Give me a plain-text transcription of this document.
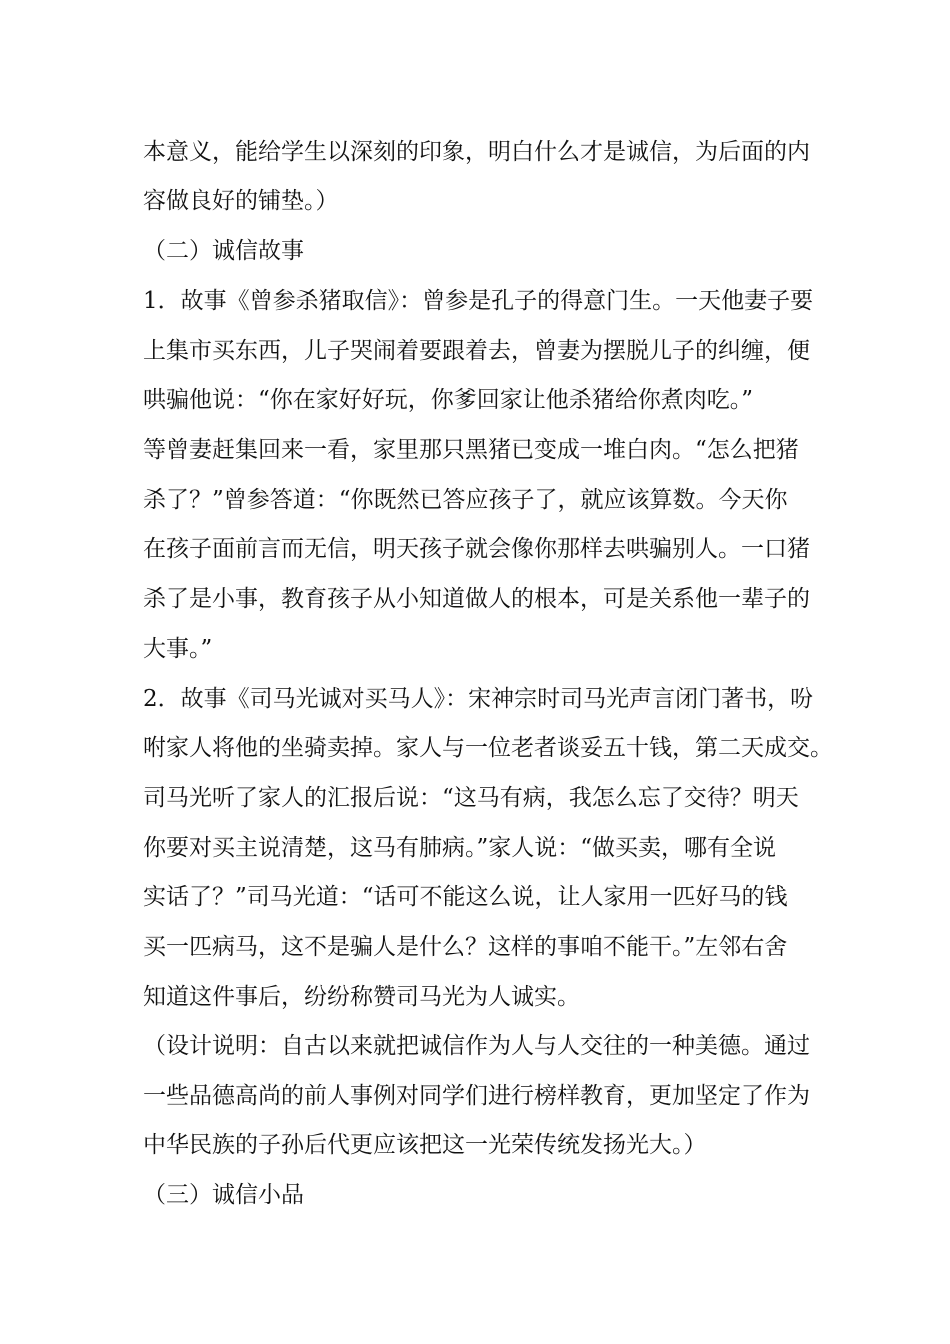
本意义，能给学生以深刻的印象，明白什么才是诚信，为后面的内
容做良好的铺垫。）
（二）诚信故事
1．故事《曾参杀猪取信》：曾参是孔子的得意门生。一天他妻子要
上集市买东西，儿子哭闹着要跟着去，曾妻为摆脱儿子的纠缠，便
哄骗他说：“你在家好好玩，你爹回家让他杀猪给你煮肉吃。”
等曾妻赶集回来一看，家里那只黑猪已变成一堆白肉。“怎么把猪
杀了？”曾参答道：“你既然已答应孩子了，就应该算数。今天你
在孩子面前言而无信，明天孩子就会像你那样去哄骗别人。一口猪
杀了是小事，教育孩子从小知道做人的根本，可是关系他一辈子的
大事。”
2．故事《司马光诚对买马人》：宋神宗时司马光声言闭门著书，吩
咐家人将他的坐骑卖掉。家人与一位老者谈妥五十钱，第二天成交。
司马光听了家人的汇报后说：“这马有病，我怎么忘了交待？明天
你要对买主说清楚，这马有肺病。”家人说：“做买卖，哪有全说
实话了？”司马光道：“话可不能这么说，让人家用一匹好马的钱
买一匹病马，这不是骗人是什么？这样的事咱不能干。”左邻右舍
知道这件事后，纷纷称赞司马光为人诚实。
（设计说明：自古以来就把诚信作为人与人交往的一种美德。通过
一些品德高尚的前人事例对同学们进行榜样教育，更加坚定了作为
中华民族的子孙后代更应该把这一光荣传统发扬光大。）
（三）诚信小品
